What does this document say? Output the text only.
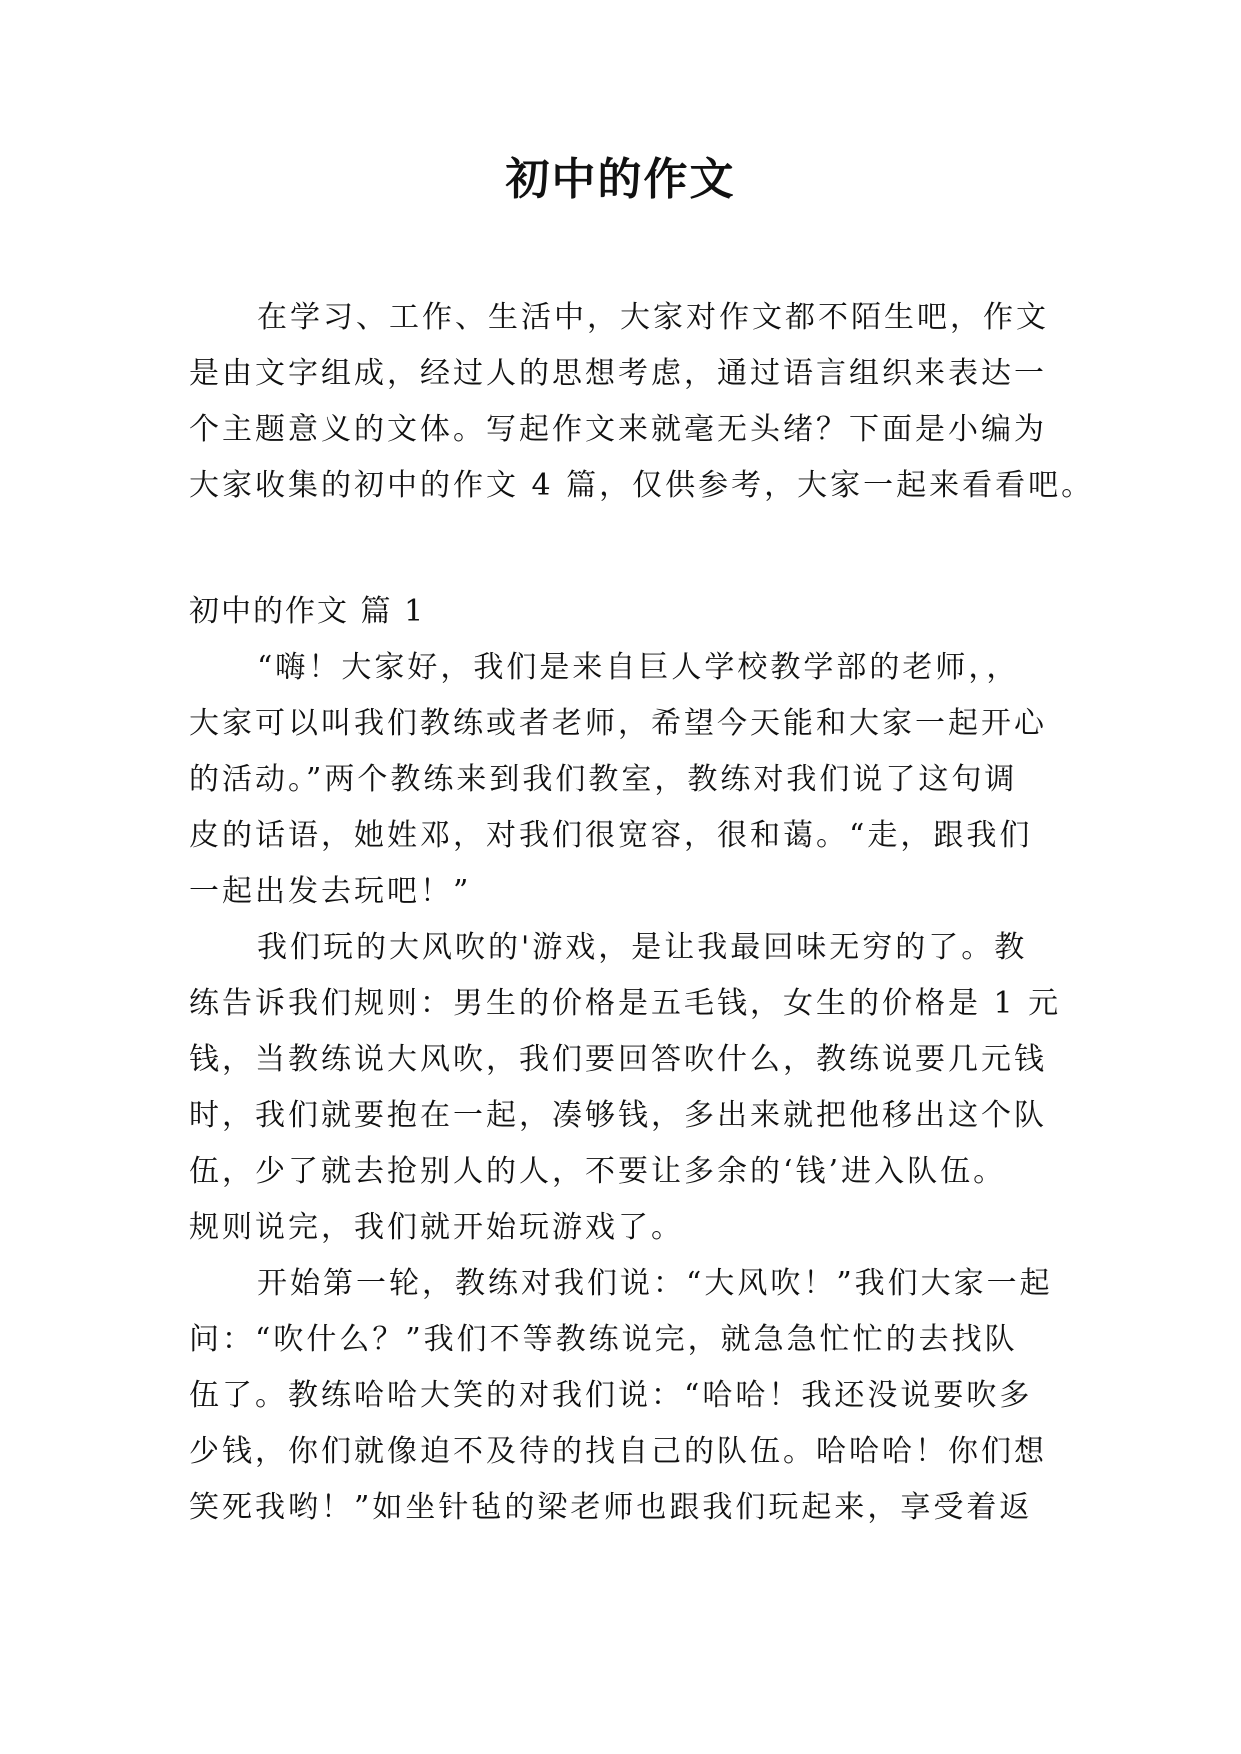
初中的作文
在学习、工作、生活中，大家对作文都不陌生吧，作文
是由文字组成，经过人的思想考虑，通过语言组织来表达一
个主题意义的文体。写起作文来就毫无头绪？下面是小编为
大家收集的初中的作文 4 篇，仅供参考，大家一起来看看吧。
初中的作文 篇 1
“嗨！大家好，我们是来自巨人学校教学部的老师，，
大家可以叫我们教练或者老师，希望今天能和大家一起开心
的活动。”两个教练来到我们教室，教练对我们说了这句调
皮的话语，她姓邓，对我们很宽容，很和蔼。“走，跟我们
一起出发去玩吧！”
我们玩的大风吹的'游戏，是让我最回味无穷的了。教
练告诉我们规则：男生的价格是五毛钱，女生的价格是 1 元
钱，当教练说大风吹，我们要回答吹什么，教练说要几元钱
时，我们就要抱在一起，凑够钱，多出来就把他移出这个队
伍，少了就去抢别人的人，不要让多余的‘钱’进入队伍。
规则说完，我们就开始玩游戏了。
开始第一轮，教练对我们说：“大风吹！”我们大家一起
问：“吹什么？”我们不等教练说完，就急急忙忙的去找队
伍了。教练哈哈大笑的对我们说：“哈哈！我还没说要吹多
少钱，你们就像迫不及待的找自己的队伍。哈哈哈！你们想
笑死我哟！”如坐针毡的梁老师也跟我们玩起来，享受着返
